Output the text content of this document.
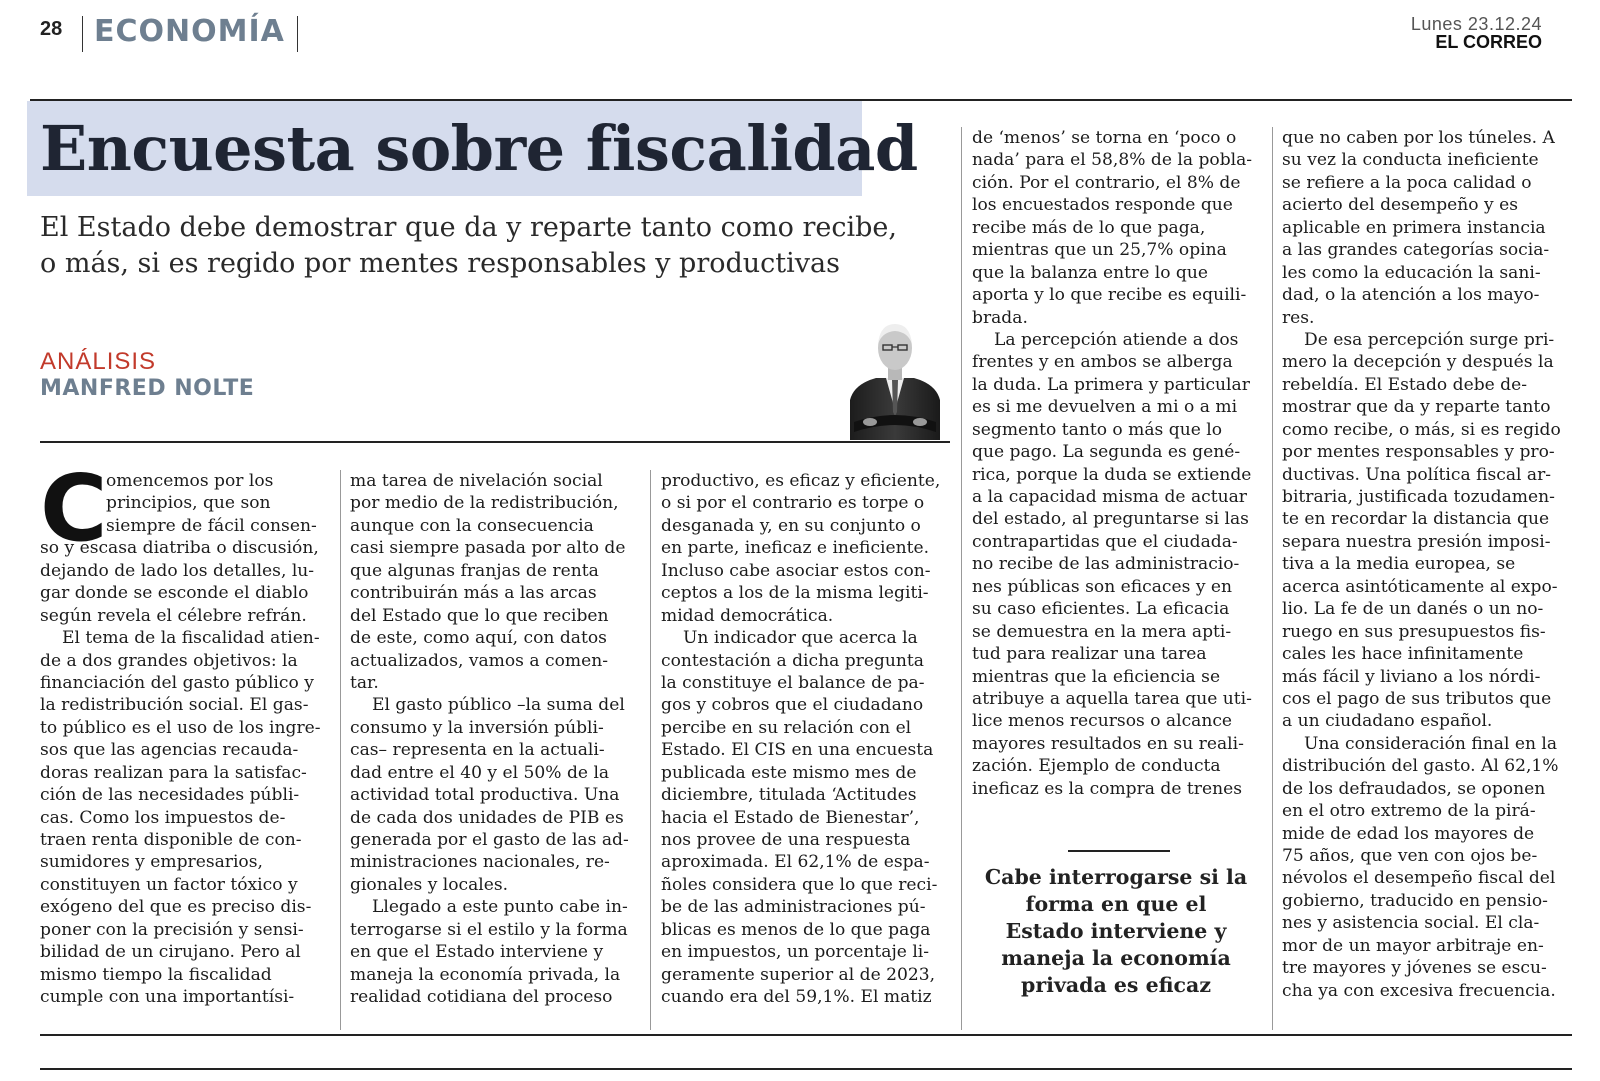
28 ECONOMÍA	Lunes 23.12.24
EL CORREO
Encuesta sobre fiscalidad
El Estado debe demostrar que da y reparte tanto como recibe,
o más, si es regido por mentes responsables y productivas
ANÁLISIS
MANFRED NOLTE
C
omencemos por los
principios, que son
siempre de fácil consen-
so y escasa diatriba o discusión,
dejando de lado los detalles, lu-
gar donde se esconde el diablo
según revela el célebre refrán.
El tema de la fiscalidad atien-
de a dos grandes objetivos: la
financiación del gasto público y
la redistribución social. El gas-
to público es el uso de los ingre-
sos que las agencias recauda-
doras realizan para la satisfac-
ción de las necesidades públi-
cas. Como los impuestos de-
traen renta disponible de con-
sumidores y empresarios,
constituyen un factor tóxico y
exógeno del que es preciso dis-
poner con la precisión y sensi-
bilidad de un cirujano. Pero al
mismo tiempo la fiscalidad
cumple con una importantísi-
ma tarea de nivelación social
por medio de la redistribución,
aunque con la consecuencia
casi siempre pasada por alto de
que algunas franjas de renta
contribuirán más a las arcas
del Estado que lo que reciben
de este, como aquí, con datos
actualizados, vamos a comen-
tar.
El gasto público –la suma del
consumo y la inversión públi-
cas– representa en la actuali-
dad entre el 40 y el 50% de la
actividad total productiva. Una
de cada dos unidades de PIB es
generada por el gasto de las ad-
ministraciones nacionales, re-
gionales y locales.
Llegado a este punto cabe in-
terrogarse si el estilo y la forma
en que el Estado interviene y
maneja la economía privada, la
realidad cotidiana del proceso
productivo, es eficaz y eficiente,
o si por el contrario es torpe o
desganada y, en su conjunto o
en parte, ineficaz e ineficiente.
Incluso cabe asociar estos con-
ceptos a los de la misma legiti-
midad democrática.
Un indicador que acerca la
contestación a dicha pregunta
la constituye el balance de pa-
gos y cobros que el ciudadano
percibe en su relación con el
Estado. El CIS en una encuesta
publicada este mismo mes de
diciembre, titulada ‘Actitudes
hacia el Estado de Bienestar’,
nos provee de una respuesta
aproximada. El 62,1% de espa-
ñoles considera que lo que reci-
be de las administraciones pú-
blicas es menos de lo que paga
en impuestos, un porcentaje li-
geramente superior al de 2023,
cuando era del 59,1%. El matiz
de ‘menos’ se torna en ‘poco o
nada’ para el 58,8% de la pobla-
ción. Por el contrario, el 8% de
los encuestados responde que
recibe más de lo que paga,
mientras que un 25,7% opina
que la balanza entre lo que
aporta y lo que recibe es equili-
brada.
La percepción atiende a dos
frentes y en ambos se alberga
la duda. La primera y particular
es si me devuelven a mi o a mi
segmento tanto o más que lo
que pago. La segunda es gené-
rica, porque la duda se extiende
a la capacidad misma de actuar
del estado, al preguntarse si las
contrapartidas que el ciudada-
no recibe de las administracio-
nes públicas son eficaces y en
su caso eficientes. La eficacia
se demuestra en la mera apti-
tud para realizar una tarea
mientras que la eficiencia se
atribuye a aquella tarea que uti-
lice menos recursos o alcance
mayores resultados en su reali-
zación. Ejemplo de conducta
ineficaz es la compra de trenes
que no caben por los túneles. A
su vez la conducta ineficiente
se refiere a la poca calidad o
acierto del desempeño y es
aplicable en primera instancia
a las grandes categorías socia-
les como la educación la sani-
dad, o la atención a los mayo-
res.
De esa percepción surge pri-
mero la decepción y después la
rebeldía. El Estado debe de-
mostrar que da y reparte tanto
como recibe, o más, si es regido
por mentes responsables y pro-
ductivas. Una política fiscal ar-
bitraria, justificada tozudamen-
te en recordar la distancia que
separa nuestra presión imposi-
tiva a la media europea, se
acerca asintóticamente al expo-
lio. La fe de un danés o un no-
ruego en sus presupuestos fis-
cales les hace infinitamente
más fácil y liviano a los nórdi-
cos el pago de sus tributos que
a un ciudadano español.
Una consideración final en la
distribución del gasto. Al 62,1%
de los defraudados, se oponen
en el otro extremo de la pirá-
mide de edad los mayores de
75 años, que ven con ojos be-
névolos el desempeño fiscal del
gobierno, traducido en pensio-
nes y asistencia social. El cla-
mor de un mayor arbitraje en-
tre mayores y jóvenes se escu-
cha ya con excesiva frecuencia.
Cabe interrogarse si la
forma en que el
Estado interviene y
maneja la economía
privada es eficaz
